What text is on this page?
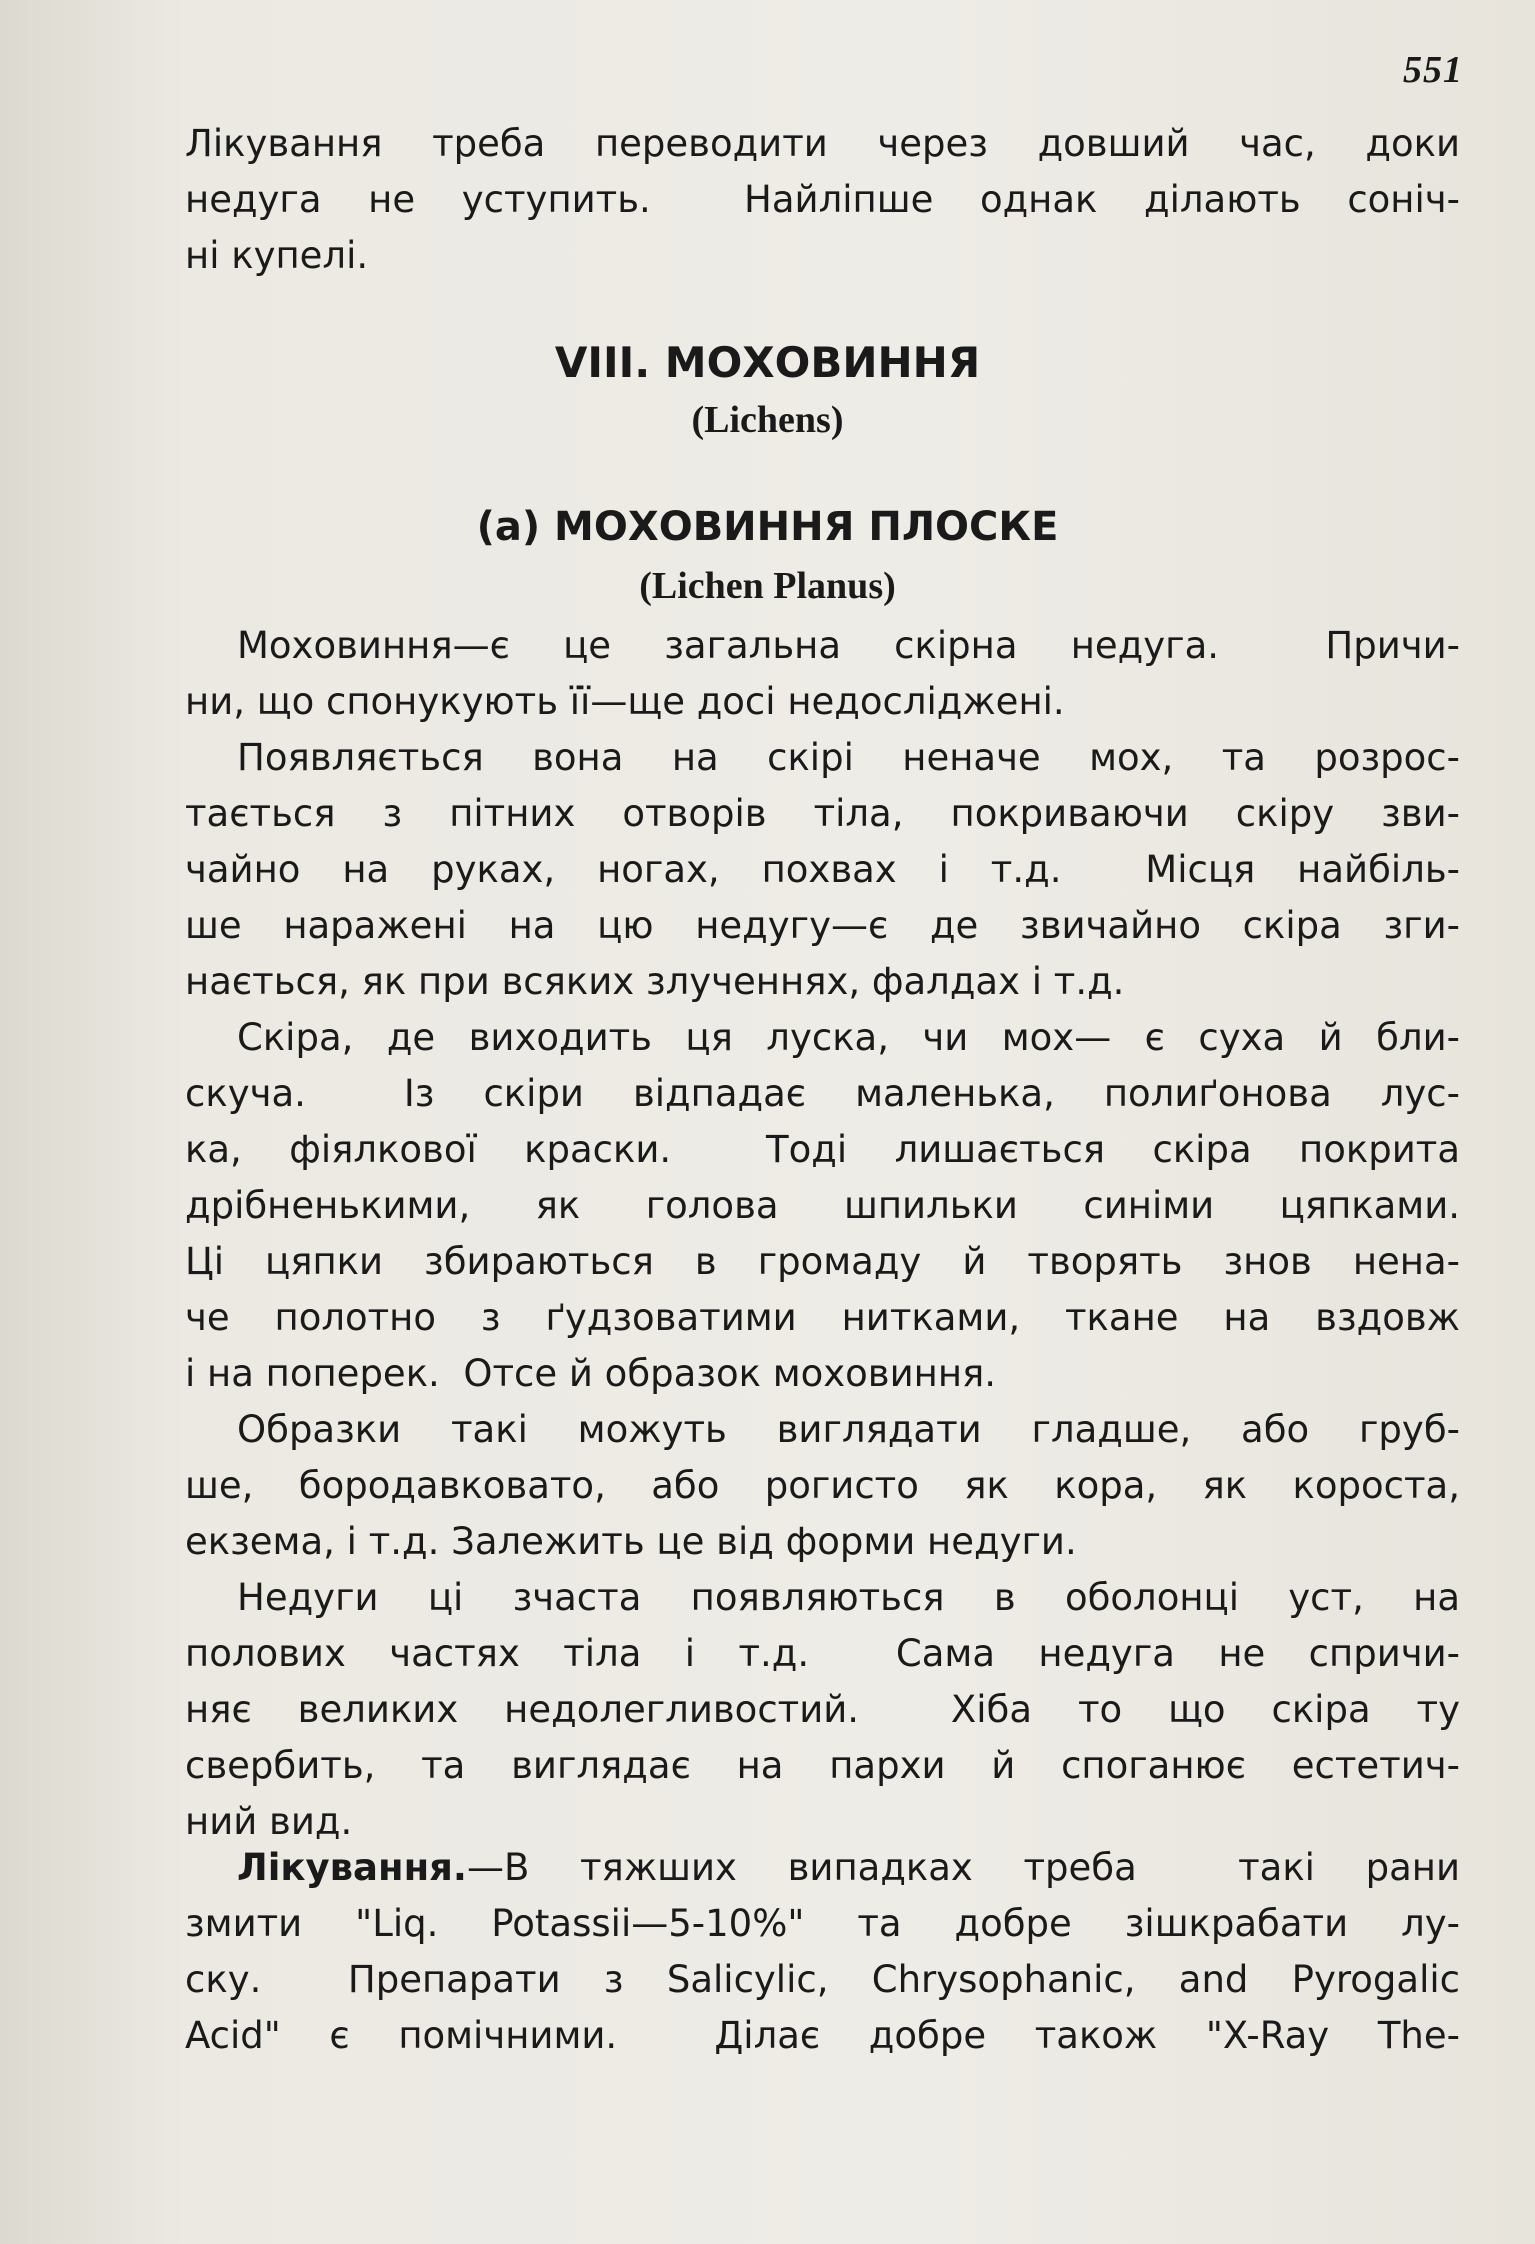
551
Лікування треба переводити через довший час, доки
недуга не уступить.  Найліпше однак ділають соніч-
ні купелі.
VIII. МОХОВИННЯ
(Lichens)
(а) МОХОВИННЯ ПЛОСКЕ
(Lichen Planus)
Моховиння—є це загальна скірна недуга.  Причи-
ни, що спонукують її—ще досі недосліджені.
Появляється вона на скірі неначе мох, та розрос-
тається з пітних отворів тіла, покриваючи скіру зви-
чайно на руках, ногах, похвах і т.д.  Місця найбіль-
ше наражені на цю недугу—є де звичайно скіра зги-
нається, як при всяких злученнях, фалдах і т.д.
Скіра, де виходить ця луска, чи мох— є суха й бли-
скуча.  Із скіри відпадає маленька, полиґонова лус-
ка, фіялкової краски.  Тоді лишається скіра покрита
дрібненькими, як голова шпильки синіми цяпками.
Ці цяпки збираються в громаду й творять знов нена-
че полотно з ґудзоватими нитками, ткане на вздовж
і на поперек.  Отсе й образок моховиння.
Образки такі можуть виглядати гладше, або груб-
ше, бородавковато, або рогисто як кора, як короста,
екзема, і т.д. Залежить це від форми недуги.
Недуги ці зчаста появляються в оболонці уст, на
полових частях тіла і т.д.  Сама недуга не спричи-
няє великих недолегливостий.  Хіба то що скіра ту
свербить, та виглядає на пархи й споганює естетич-
ний вид.
Лікування.—В тяжших випадках треба  такі рани
змити "Liq. Potassii—5-10%" та добре зішкрабати лу-
ску.  Препарати з Salicylic, Chrysophanic, and Pyrogalic
Acid" є помічними.  Ділає добре також "X-Ray The-
